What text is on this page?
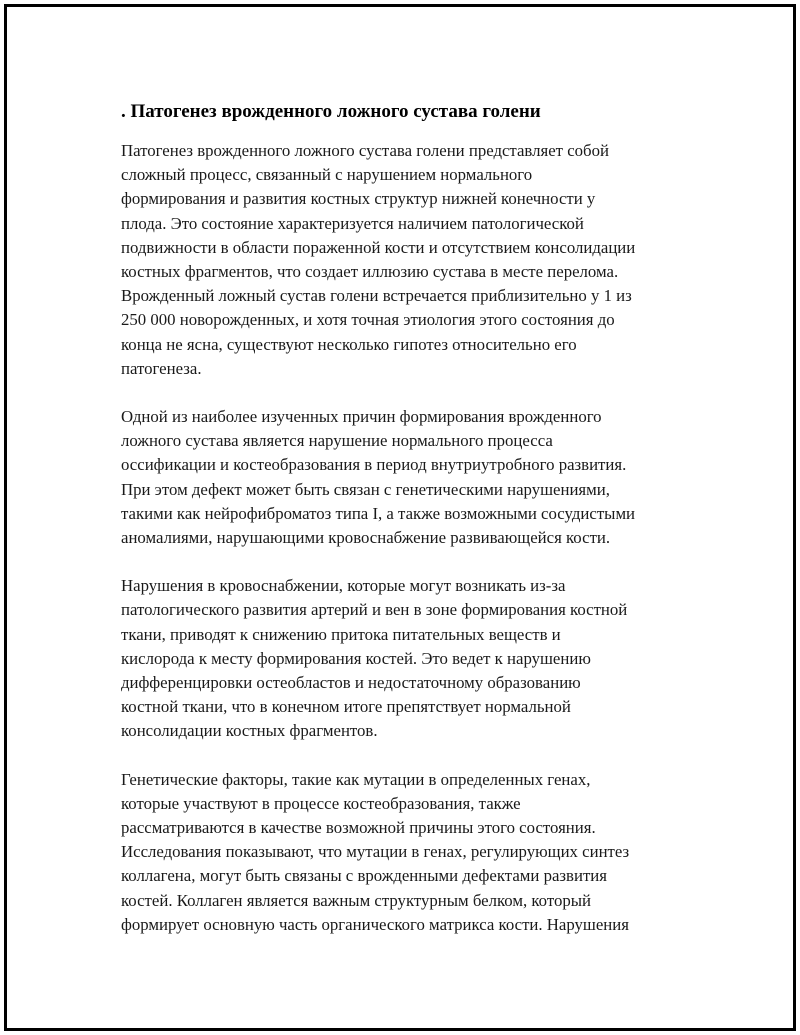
. Патогенез врожденного ложного сустава голени

Патогенез врожденного ложного сустава голени представляет собой
сложный процесс, связанный с нарушением нормального
формирования и развития костных структур нижней конечности у
плода. Это состояние характеризуется наличием патологической
подвижности в области пораженной кости и отсутствием консолидации
костных фрагментов, что создает иллюзию сустава в месте перелома.
Врожденный ложный сустав голени встречается приблизительно у 1 из
250 000 новорожденных, и хотя точная этиология этого состояния до
конца не ясна, существуют несколько гипотез относительно его
патогенеза.

Одной из наиболее изученных причин формирования врожденного
ложного сустава является нарушение нормального процесса
оссификации и костеобразования в период внутриутробного развития.
При этом дефект может быть связан с генетическими нарушениями,
такими как нейрофиброматоз типа I, а также возможными сосудистыми
аномалиями, нарушающими кровоснабжение развивающейся кости.

Нарушения в кровоснабжении, которые могут возникать из-за
патологического развития артерий и вен в зоне формирования костной
ткани, приводят к снижению притока питательных веществ и
кислорода к месту формирования костей. Это ведет к нарушению
дифференцировки остеобластов и недостаточному образованию
костной ткани, что в конечном итоге препятствует нормальной
консолидации костных фрагментов.

Генетические факторы, такие как мутации в определенных генах,
которые участвуют в процессе костеобразования, также
рассматриваются в качестве возможной причины этого состояния.
Исследования показывают, что мутации в генах, регулирующих синтез
коллагена, могут быть связаны с врожденными дефектами развития
костей. Коллаген является важным структурным белком, который
формирует основную часть органического матрикса кости. Нарушения
